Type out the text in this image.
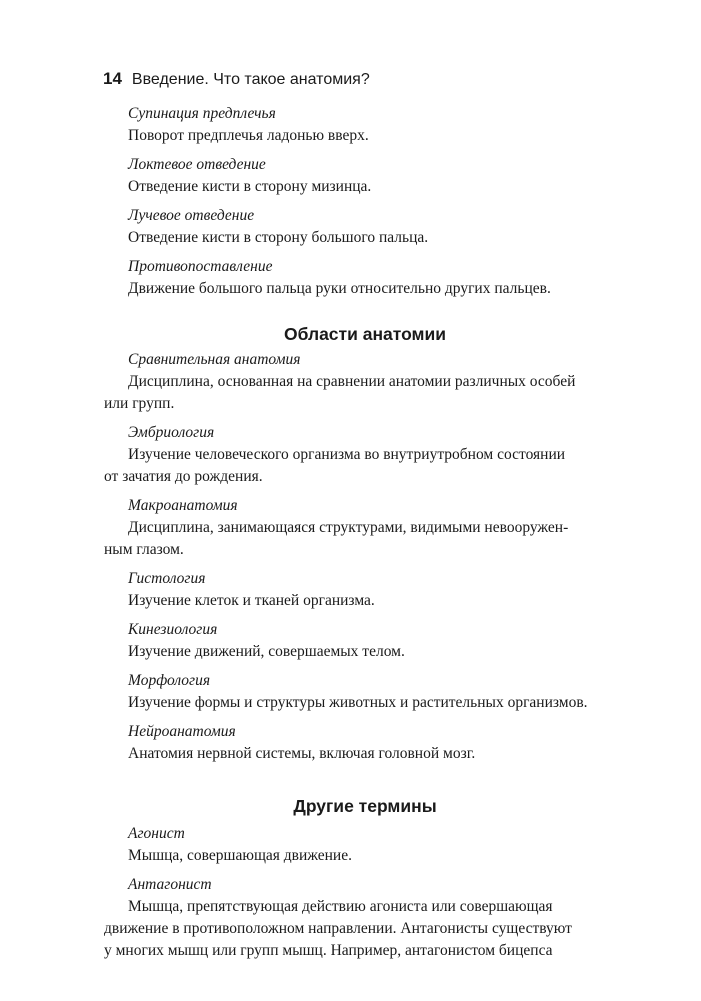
14 Введение. Что такое анатомия?

Супинация предплечья

Поворот предплечья ладонью вверх.

Локтевое отведение

Отведение кисти в сторону мизинца.

Лучевое отведение

Отведение кисти в сторону большого пальца.

Противопоставление

Движение большого пальца руки относительно других пальцев.

Области анатомии

Сравнительная анатомия

Дисциплина, основанная на сравнении анатомии различных особей
или групп.

Эмбриология

Изучение человеческого организма во внутриутробном состоянии
от зачатия до рождения.

Макроанатомия

Дисциплина, занимающаяся структурами, видимыми невооружен-
ным глазом.

Гистология

Изучение клеток и тканей организма.

Кинезиология

Изучение движений, совершаемых телом.

Морфология

Изучение формы и структуры животных и растительных организмов.

Нейроанатомия

Анатомия нервной системы, включая головной мозг.

Другие термины

Агонист

Мышца, совершающая движение.

Антагонист

Мышца, препятствующая действию агониста или совершающая
движение в противоположном направлении. Антагонисты существуют
у многих мышц или групп мышц. Например, антагонистом бицепса
